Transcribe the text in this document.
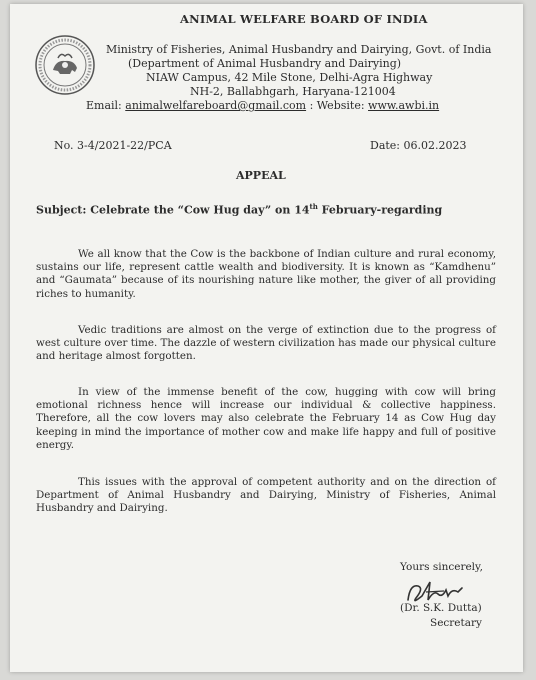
ANIMAL WELFARE BOARD OF INDIA
Ministry of Fisheries, Animal Husbandry and Dairying, Govt. of India
(Department of Animal Husbandry and Dairying)
NIAW Campus, 42 Mile Stone, Delhi-Agra Highway
NH-2, Ballabhgarh, Haryana-121004
Email: animalwelfareboard@gmail.com : Website: www.awbi.in
No. 3-4/2021-22/PCA	Date: 06.02.2023
APPEAL
Subject: Celebrate the “Cow Hug day” on 14th February-regarding
We all know that the Cow is the backbone of Indian culture and rural economy, sustains our life, represent cattle wealth and biodiversity. It is known as “Kamdhenu” and “Gaumata” because of its nourishing nature like mother, the giver of all providing riches to humanity.
Vedic traditions are almost on the verge of extinction due to the progress of west culture over time. The dazzle of western civilization has made our physical culture and heritage almost forgotten.
In view of the immense benefit of the cow, hugging with cow will bring emotional richness hence will increase our individual & collective happiness. Therefore, all the cow lovers may also celebrate the February 14 as Cow Hug day keeping in mind the importance of mother cow and make life happy and full of positive energy.
This issues with the approval of competent authority and on the direction of Department of Animal Husbandry and Dairying, Ministry of Fisheries, Animal Husbandry and Dairying.
Yours sincerely,
(Dr. S.K. Dutta)
Secretary
